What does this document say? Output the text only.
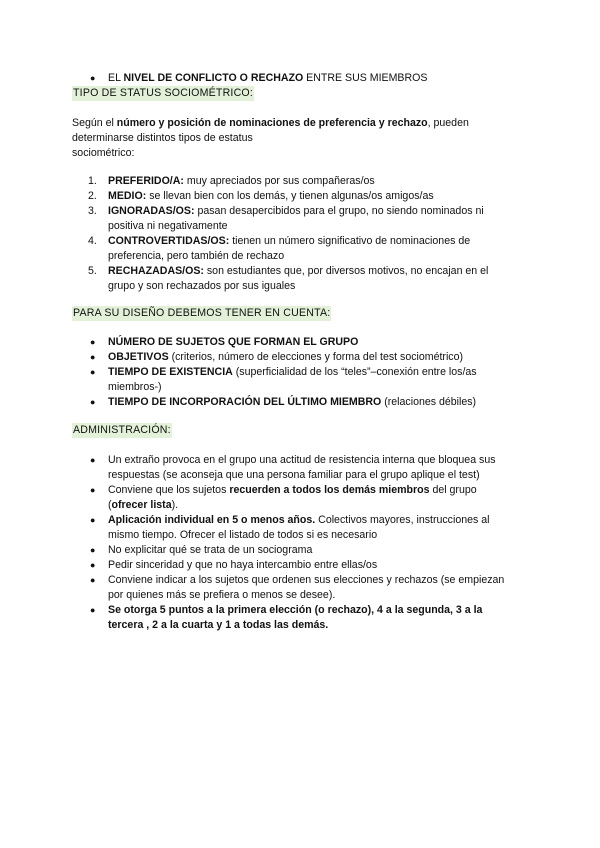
● EL NIVEL DE CONFLICTO O RECHAZO ENTRE SUS MIEMBROS
TIPO DE STATUS SOCIOMÉTRICO:
Según el número y posición de nominaciones de preferencia y rechazo, pueden determinarse distintos tipos de estatus
sociométrico:
1.	PREFERIDO/A: muy apreciados por sus compañeras/os
2.	MEDIO: se llevan bien con los demás, y tienen algunas/os amigos/as
3.	IGNORADAS/OS: pasan desapercibidos para el grupo, no siendo nominados ni positiva ni negativamente
4.	CONTROVERTIDAS/OS: tienen un número significativo de nominaciones de preferencia, pero también de rechazo
5.	RECHAZADAS/OS: son estudiantes que, por diversos motivos, no encajan en el grupo y son rechazados por sus iguales
PARA SU DISEÑO DEBEMOS TENER EN CUENTA:
● NÚMERO DE SUJETOS QUE FORMAN EL GRUPO
● OBJETIVOS (criterios, número de elecciones y forma del test sociométrico)
● TIEMPO DE EXISTENCIA (superficialidad de los “teles”–conexión entre los/as miembros-)
● TIEMPO DE INCORPORACIÓN DEL ÚLTIMO MIEMBRO (relaciones débiles)
ADMINISTRACIÓN:
● Un extraño provoca en el grupo una actitud de resistencia interna que bloquea sus respuestas (se aconseja que una persona familiar para el grupo aplique el test)
● Conviene que los sujetos recuerden a todos los demás miembros del grupo (ofrecer lista).
● Aplicación individual en 5 o menos años. Colectivos mayores, instrucciones al mismo tiempo. Ofrecer el listado de todos si es necesario
● No explicitar qué se trata de un sociograma
● Pedir sinceridad y que no haya intercambio entre ellas/os
● Conviene indicar a los sujetos que ordenen sus elecciones y rechazos (se empiezan por quienes más se prefiera o menos se desee).
● Se otorga 5 puntos a la primera elección (o rechazo), 4 a la segunda, 3 a la tercera , 2 a la cuarta y 1 a todas las demás.
